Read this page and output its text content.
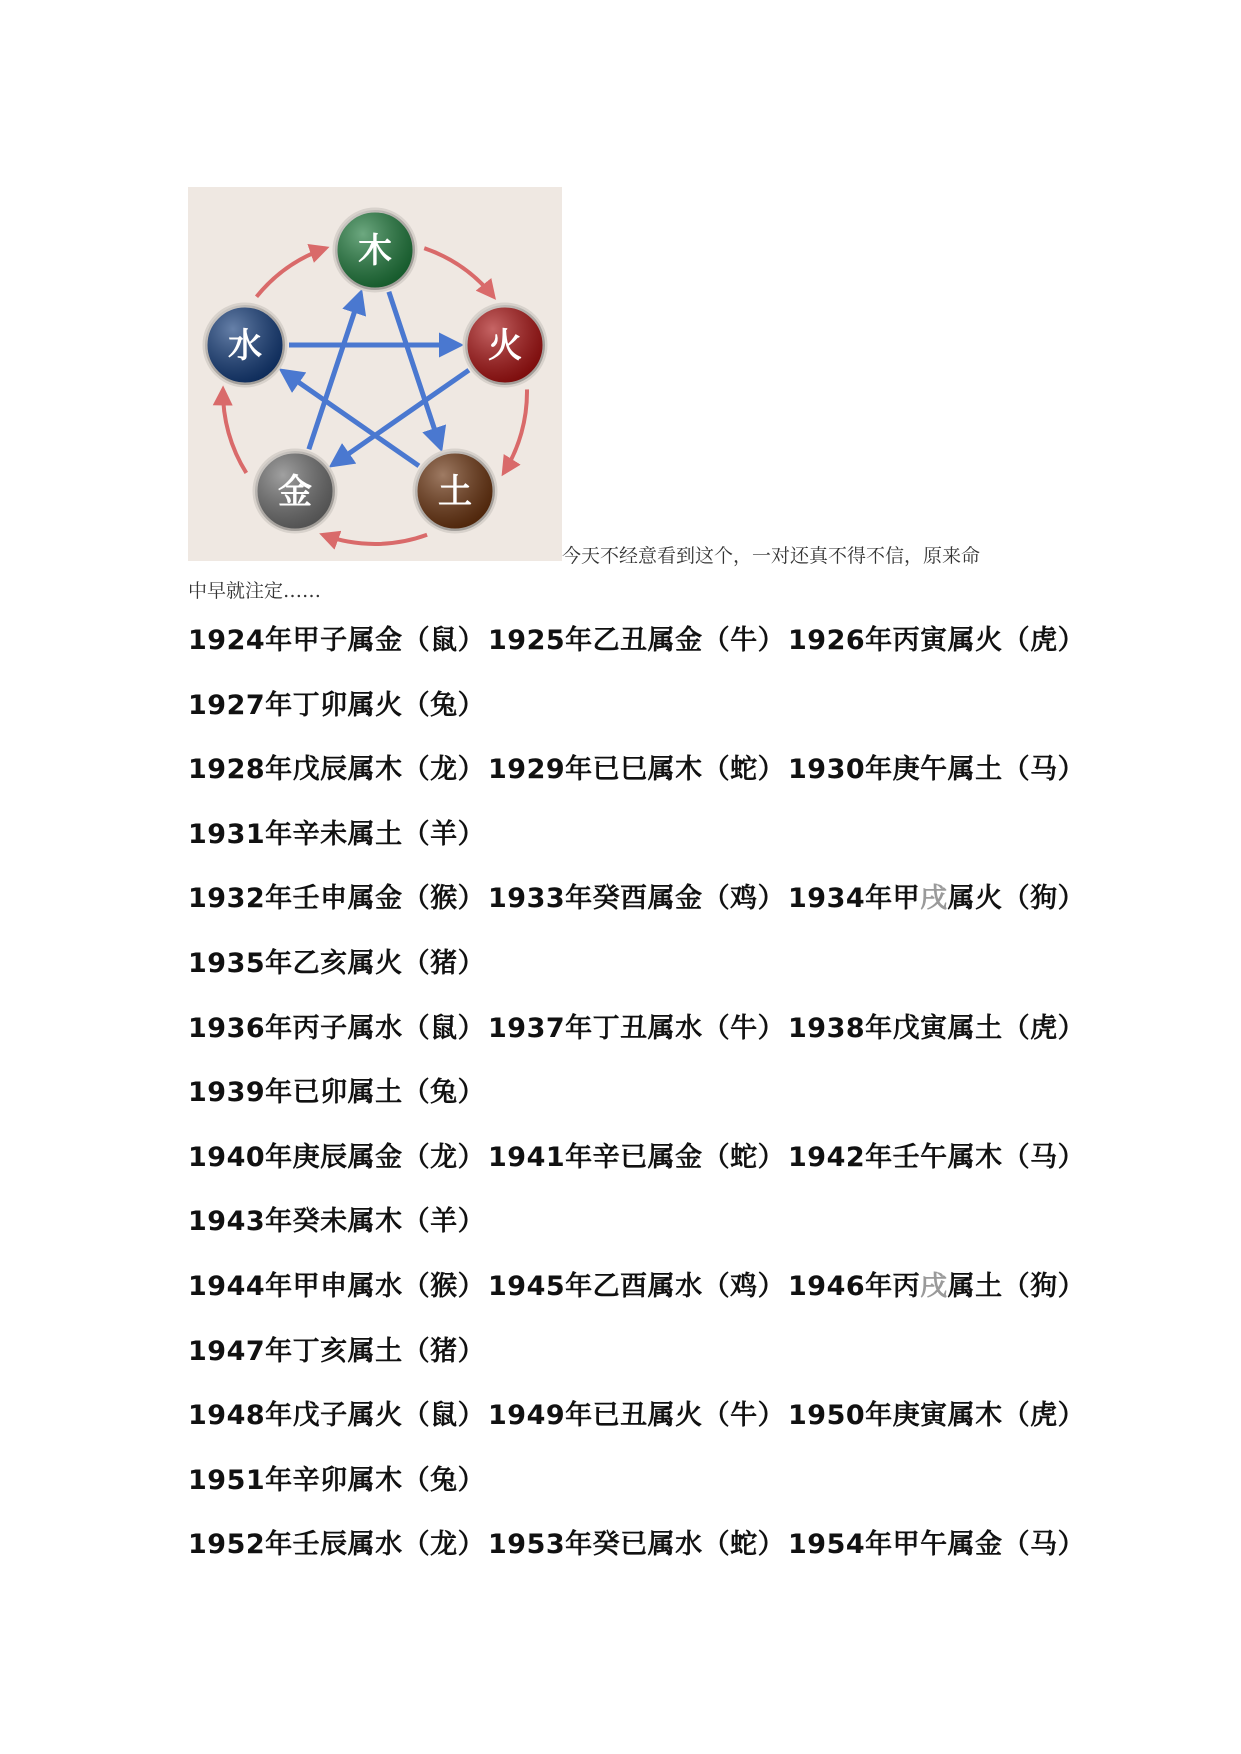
木
火
土
金
水
今天不经意看到这个，一对还真不得不信，原来命
中早就注定……
1924年甲子属金（鼠） 1925年乙丑属金（牛） 1926年丙寅属火（虎）
1927年丁卯属火（兔）
1928年戊辰属木（龙） 1929年已巳属木（蛇） 1930年庚午属土（马）
1931年辛未属土（羊）
1932年壬申属金（猴） 1933年癸酉属金（鸡） 1934年甲戌属火（狗）
1935年乙亥属火（猪）
1936年丙子属水（鼠） 1937年丁丑属水（牛） 1938年戊寅属土（虎）
1939年已卯属土（兔）
1940年庚辰属金（龙） 1941年辛已属金（蛇） 1942年壬午属木（马）
1943年癸未属木（羊）
1944年甲申属水（猴） 1945年乙酉属水（鸡） 1946年丙戌属土（狗）
1947年丁亥属土（猪）
1948年戊子属火（鼠） 1949年已丑属火（牛） 1950年庚寅属木（虎）
1951年辛卯属木（兔）
1952年壬辰属水（龙） 1953年癸已属水（蛇） 1954年甲午属金（马）
